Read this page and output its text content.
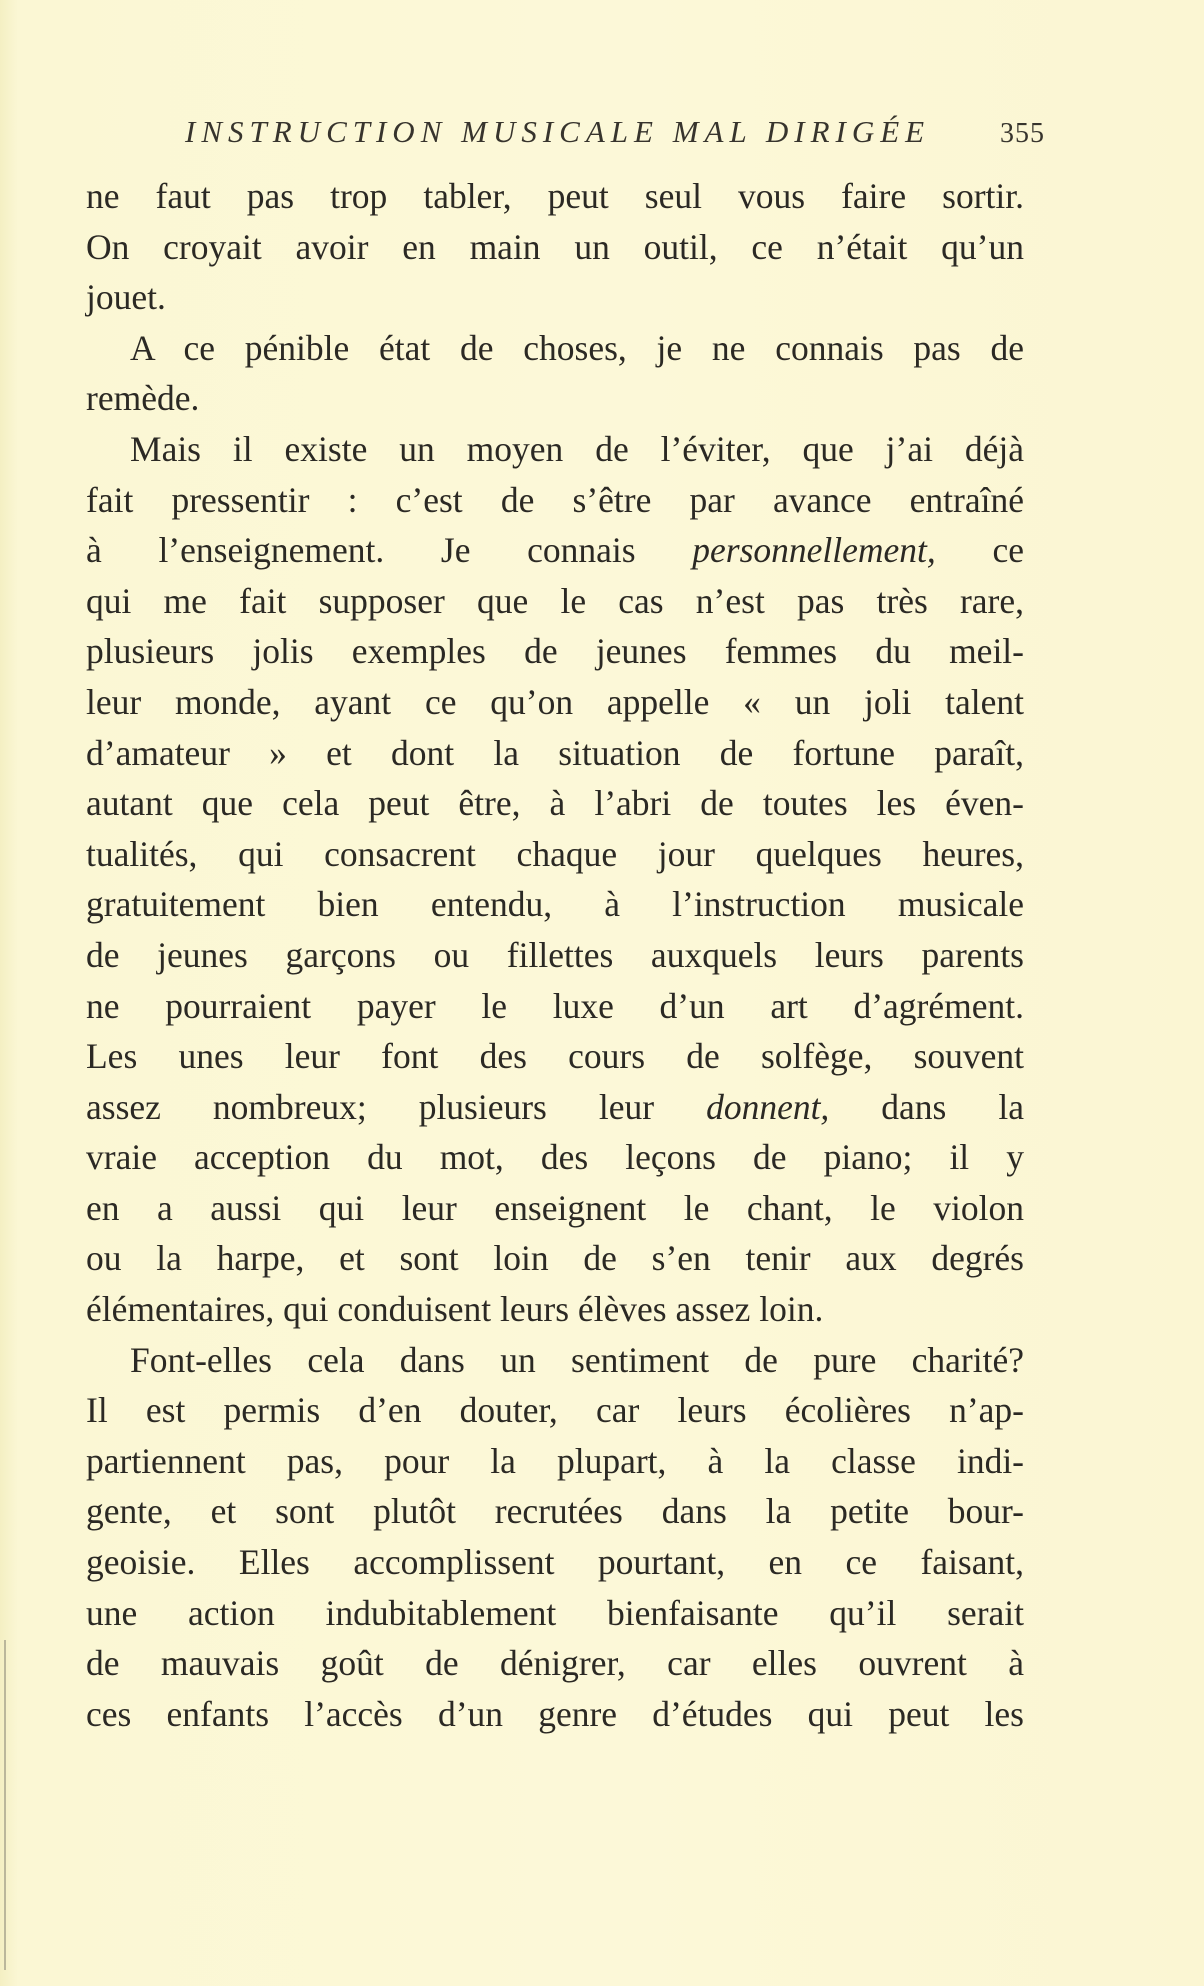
INSTRUCTION MUSICALE MAL DIRIGÉE 355
ne faut pas trop tabler, peut seul vous faire sortir.
On croyait avoir en main un outil, ce n’était qu’un
jouet.
A ce pénible état de choses, je ne connais pas de
remède.
Mais il existe un moyen de l’éviter, que j’ai déjà
fait pressentir : c’est de s’être par avance entraîné
à l’enseignement. Je connais personnellement, ce
qui me fait supposer que le cas n’est pas très rare,
plusieurs jolis exemples de jeunes femmes du meil-
leur monde, ayant ce qu’on appelle « un joli talent
d’amateur » et dont la situation de fortune paraît,
autant que cela peut être, à l’abri de toutes les éven-
tualités, qui consacrent chaque jour quelques heures,
gratuitement bien entendu, à l’instruction musicale
de jeunes garçons ou fillettes auxquels leurs parents
ne pourraient payer le luxe d’un art d’agrément.
Les unes leur font des cours de solfège, souvent
assez nombreux; plusieurs leur donnent, dans la
vraie acception du mot, des leçons de piano; il y
en a aussi qui leur enseignent le chant, le violon
ou la harpe, et sont loin de s’en tenir aux degrés
élémentaires, qui conduisent leurs élèves assez loin.
Font-elles cela dans un sentiment de pure charité?
Il est permis d’en douter, car leurs écolières n’ap-
partiennent pas, pour la plupart, à la classe indi-
gente, et sont plutôt recrutées dans la petite bour-
geoisie. Elles accomplissent pourtant, en ce faisant,
une action indubitablement bienfaisante qu’il serait
de mauvais goût de dénigrer, car elles ouvrent à
ces enfants l’accès d’un genre d’études qui peut les
